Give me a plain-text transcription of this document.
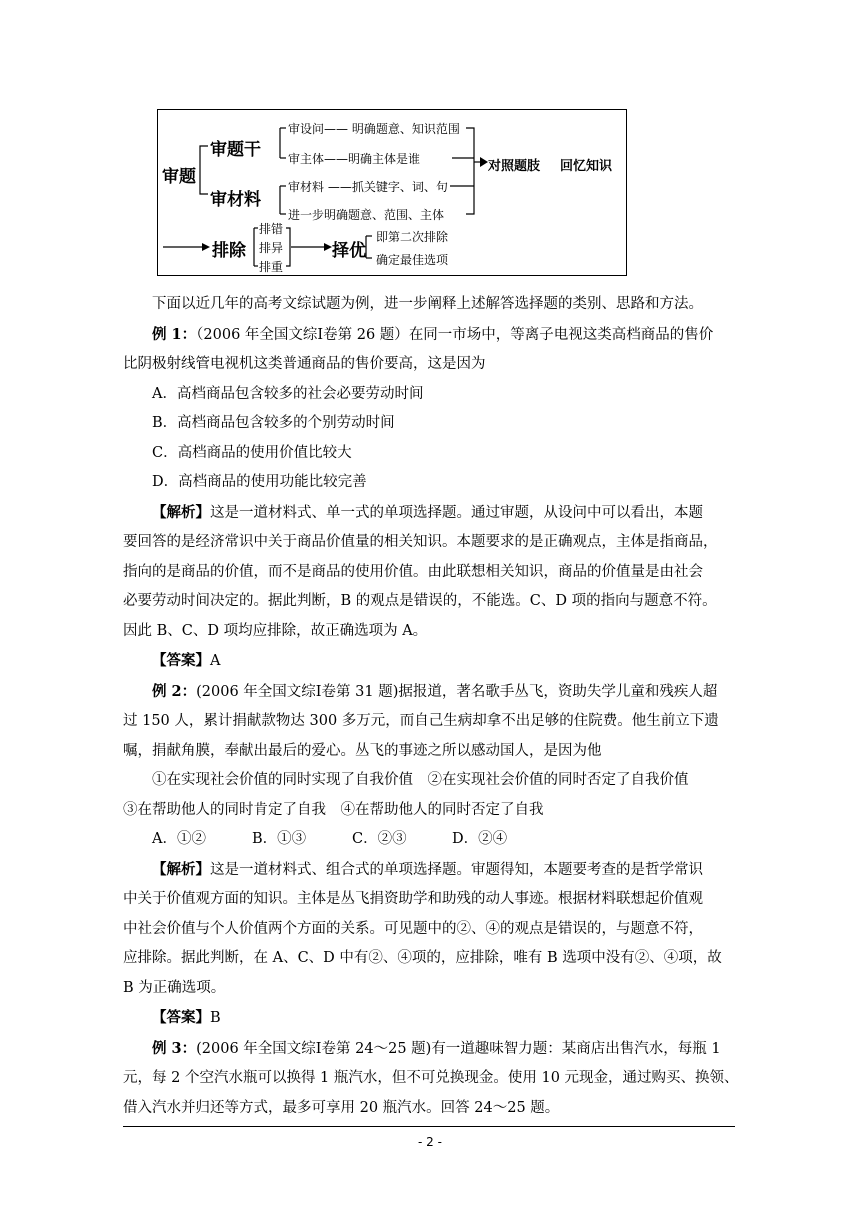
审题
审题干
审设问—— 明确题意、知识范围
审主体——明确主体是谁
审材料
审材料 ——抓关键字、词、句
进一步明确题意、范围、主体
对照题肢 回忆知识
排除
排错
排异
排重
择优
即第二次排除
确定最佳选项

下面以近几年的高考文综试题为例，进一步阐释上述解答选择题的类别、思路和方法。

例 1：（2006 年全国文综Ⅰ卷第 26 题）在同一市场中，等离子电视这类高档商品的售价

比阴极射线管电视机这类普通商品的售价要高，这是因为

A．高档商品包含较多的社会必要劳动时间

B．高档商品包含较多的个别劳动时间

C．高档商品的使用价值比较大

D．高档商品的使用功能比较完善

【解析】这是一道材料式、单一式的单项选择题。通过审题，从设问中可以看出，本题

要回答的是经济常识中关于商品价值量的相关知识。本题要求的是正确观点，主体是指商品，

指向的是商品的价值，而不是商品的使用价值。由此联想相关知识，商品的价值量是由社会

必要劳动时间决定的。据此判断，B 的观点是错误的，不能选。C、D 项的指向与题意不符。

因此 B、C、D 项均应排除，故正确选项为 A。

【答案】A

例 2：(2006 年全国文综Ⅰ卷第 31 题)据报道，著名歌手丛飞，资助失学儿童和残疾人超

过 150 人，累计捐献款物达 300 多万元，而自己生病却拿不出足够的住院费。他生前立下遗

嘱，捐献角膜，奉献出最后的爱心。丛飞的事迹之所以感动国人，是因为他

①在实现社会价值的同时实现了自我价值　②在实现社会价值的同时否定了自我价值

③在帮助他人的同时肯定了自我　④在帮助他人的同时否定了自我

A．①②	B．①③	C．②③	D．②④

【解析】这是一道材料式、组合式的单项选择题。审题得知，本题要考查的是哲学常识

中关于价值观方面的知识。主体是丛飞捐资助学和助残的动人事迹。根据材料联想起价值观

中社会价值与个人价值两个方面的关系。可见题中的②、④的观点是错误的，与题意不符，

应排除。据此判断，在 A、C、D 中有②、④项的，应排除，唯有 B 选项中没有②、④项，故

B 为正确选项。

【答案】B

例 3：(2006 年全国文综Ⅰ卷第 24～25 题)有一道趣味智力题：某商店出售汽水，每瓶 1

元，每 2 个空汽水瓶可以换得 1 瓶汽水，但不可兑换现金。使用 10 元现金，通过购买、换领、

借入汽水并归还等方式，最多可享用 20 瓶汽水。回答 24～25 题。

- 2 -
